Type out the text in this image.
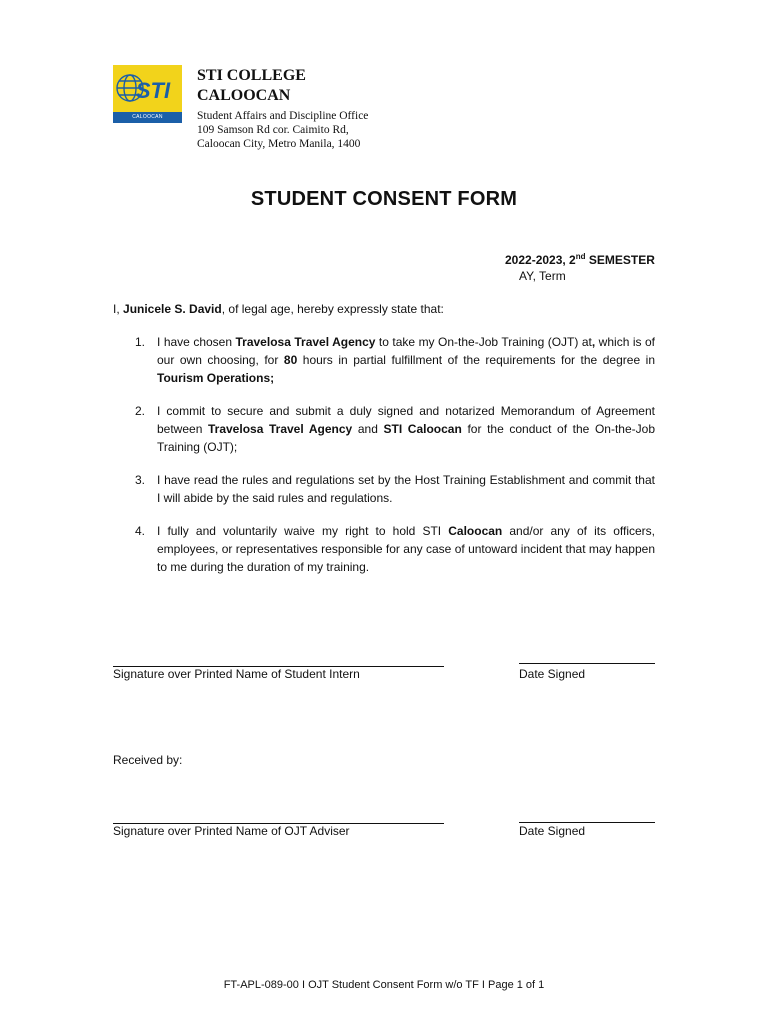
STI
CALOOCAN

STI COLLEGE

CALOOCAN

Student Affairs and Discipline Office
109 Samson Rd cor. Caimito Rd,
Caloocan City, Metro Manila, 1400
STUDENT CONSENT FORM
2022-2023, 2nd SEMESTER
AY, Term
I, Junicele S. David, of legal age, hereby expressly state that:
1. I have chosen Travelosa Travel Agency to take my On-the-Job Training (OJT) at, which is of our own choosing, for 80 hours in partial fulfillment of the requirements for the degree in Tourism Operations;
2. I commit to secure and submit a duly signed and notarized Memorandum of Agreement between Travelosa Travel Agency and STI Caloocan for the conduct of the On-the-Job Training (OJT);
3. I have read the rules and regulations set by the Host Training Establishment and commit that I will abide by the said rules and regulations.
4. I fully and voluntarily waive my right to hold STI Caloocan and/or any of its officers, employees, or representatives responsible for any case of untoward incident that may happen to me during the duration of my training.
Signature over Printed Name of Student Intern	Date Signed
Received by:
Signature over Printed Name of OJT Adviser	Date Signed
FT-APL-089-00 I OJT Student Consent Form w/o TF I Page 1 of 1
